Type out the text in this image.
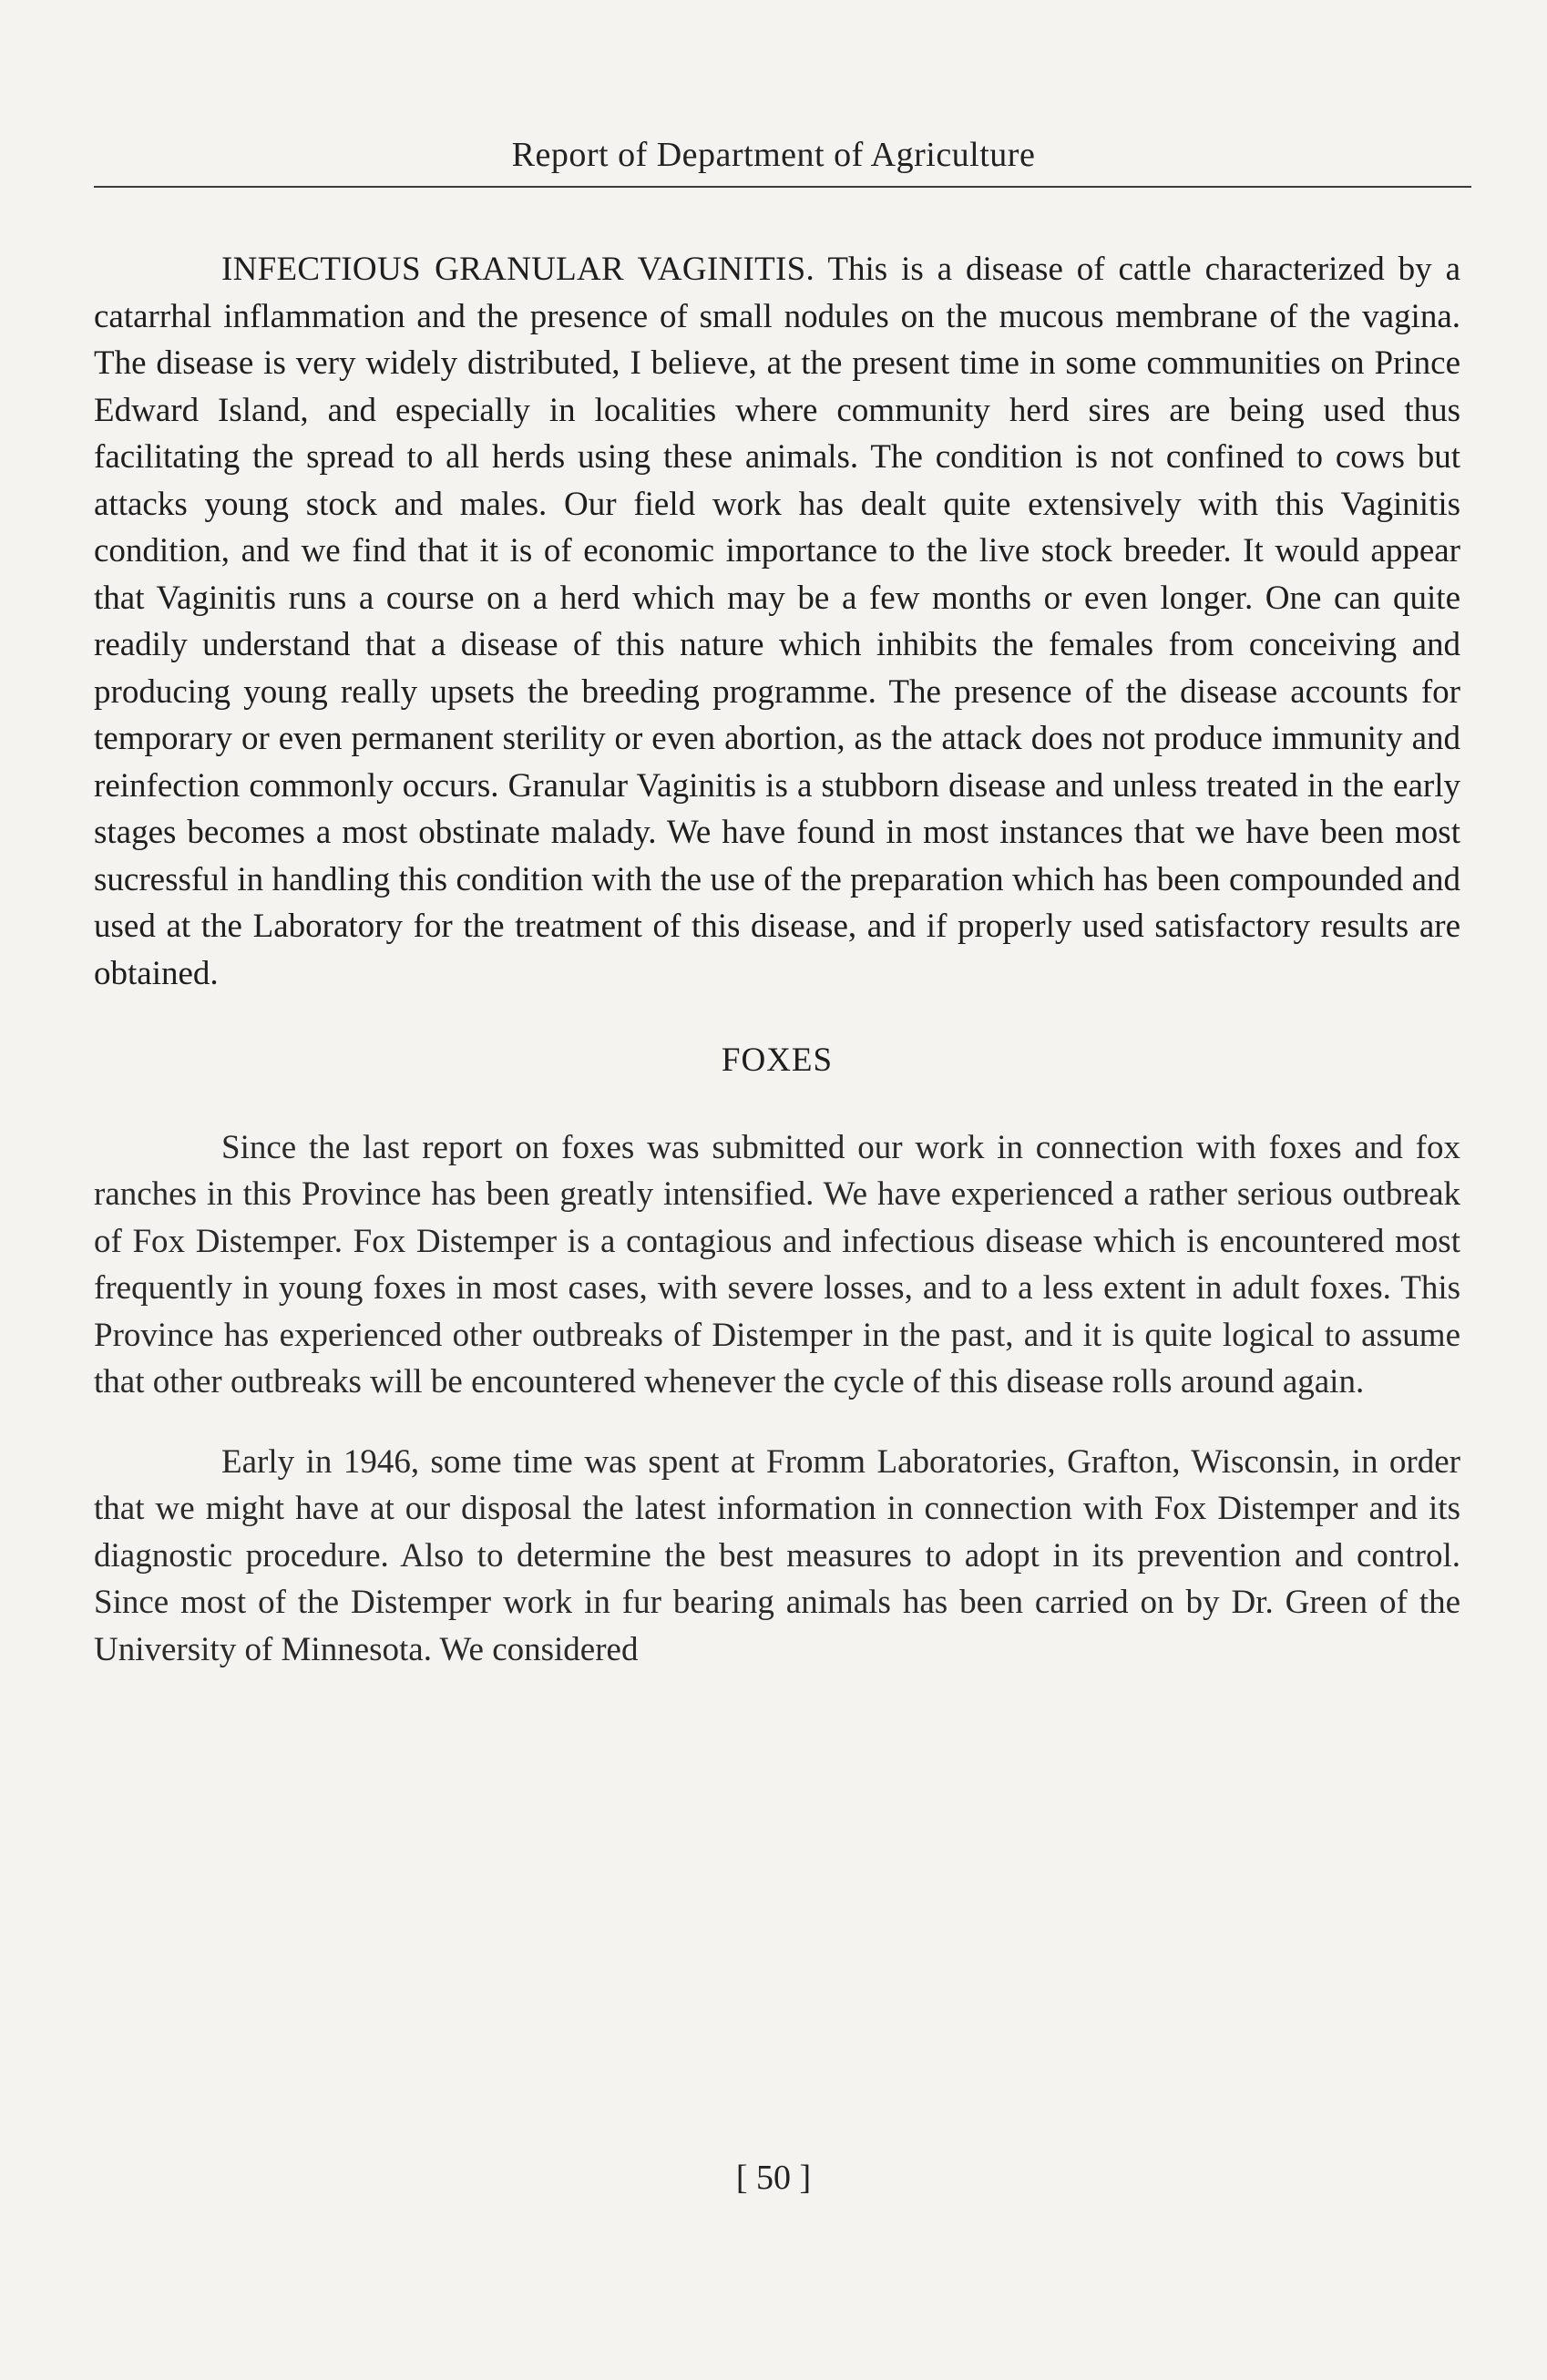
Report of Department of Agriculture

INFECTIOUS GRANULAR VAGINITIS. This is a disease of cattle characterized by a catarrhal inflammation and the presence of small nodules on the mucous membrane of the vagina. The disease is very widely distributed, I believe, at the present time in some communities on Prince Edward Island, and especially in localities where community herd sires are being used thus facilitating the spread to all herds using these animals. The condition is not confined to cows but attacks young stock and males. Our field work has dealt quite extensively with this Vaginitis condition, and we find that it is of economic importance to the live stock breeder. It would appear that Vaginitis runs a course on a herd which may be a few months or even longer. One can quite readily understand that a disease of this nature which inhibits the females from conceiving and producing young really upsets the breeding programme. The presence of the disease accounts for temporary or even permanent sterility or even abortion, as the attack does not produce immunity and reinfection commonly occurs. Granular Vaginitis is a stubborn disease and unless treated in the early stages becomes a most obstinate malady. We have found in most instances that we have been most sucressful in handling this condition with the use of the preparation which has been compounded and used at the Laboratory for the treatment of this disease, and if properly used satisfactory results are obtained.

FOXES

Since the last report on foxes was submitted our work in connection with foxes and fox ranches in this Province has been greatly intensified. We have experienced a rather serious outbreak of Fox Distemper. Fox Distemper is a contagious and infectious disease which is encountered most frequently in young foxes in most cases, with severe losses, and to a less extent in adult foxes. This Province has experienced other outbreaks of Distemper in the past, and it is quite logical to assume that other outbreaks will be encountered whenever the cycle of this disease rolls around again.

Early in 1946, some time was spent at Fromm Laboratories, Grafton, Wisconsin, in order that we might have at our disposal the latest information in connection with Fox Distemper and its diagnostic procedure. Also to determine the best measures to adopt in its prevention and control. Since most of the Distemper work in fur bearing animals has been carried on by Dr. Green of the University of Minnesota. We considered

[ 50 ]
